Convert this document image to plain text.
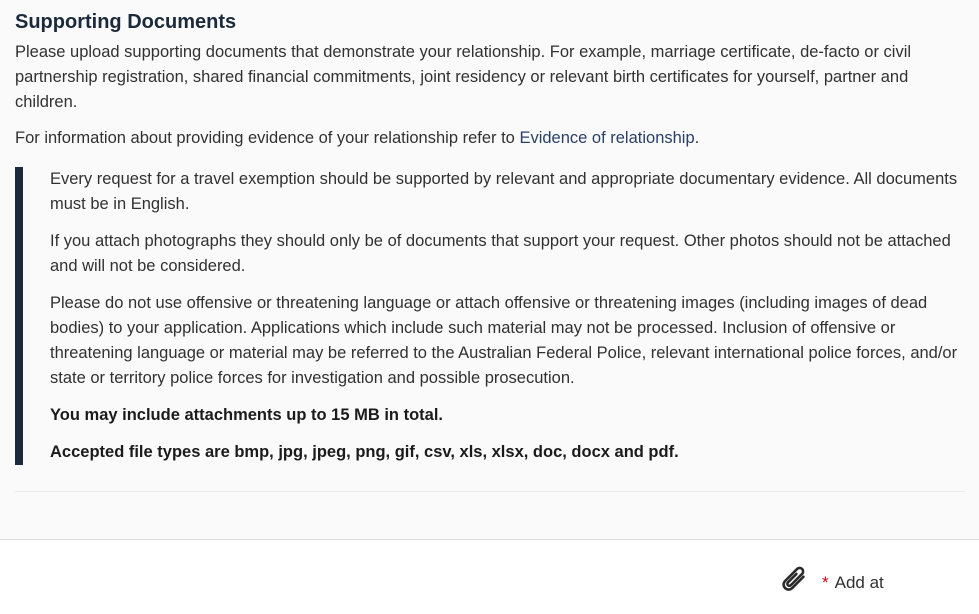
Supporting Documents

Please upload supporting documents that demonstrate your relationship. For example, marriage certificate, de-facto or civil partnership registration, shared financial commitments, joint residency or relevant birth certificates for yourself, partner and children.

For information about providing evidence of your relationship refer to Evidence of relationship.

Every request for a travel exemption should be supported by relevant and appropriate documentary evidence. All documents must be in English.

If you attach photographs they should only be of documents that support your request. Other photos should not be attached and will not be considered.

Please do not use offensive or threatening language or attach offensive or threatening images (including images of dead bodies) to your application. Applications which include such material may not be processed. Inclusion of offensive or threatening language or material may be referred to the Australian Federal Police, relevant international police forces, and/or state or territory police forces for investigation and possible prosecution.

You may include attachments up to 15 MB in total.

Accepted file types are bmp, jpg, jpeg, png, gif, csv, xls, xlsx, doc, docx and pdf.

* Add at
